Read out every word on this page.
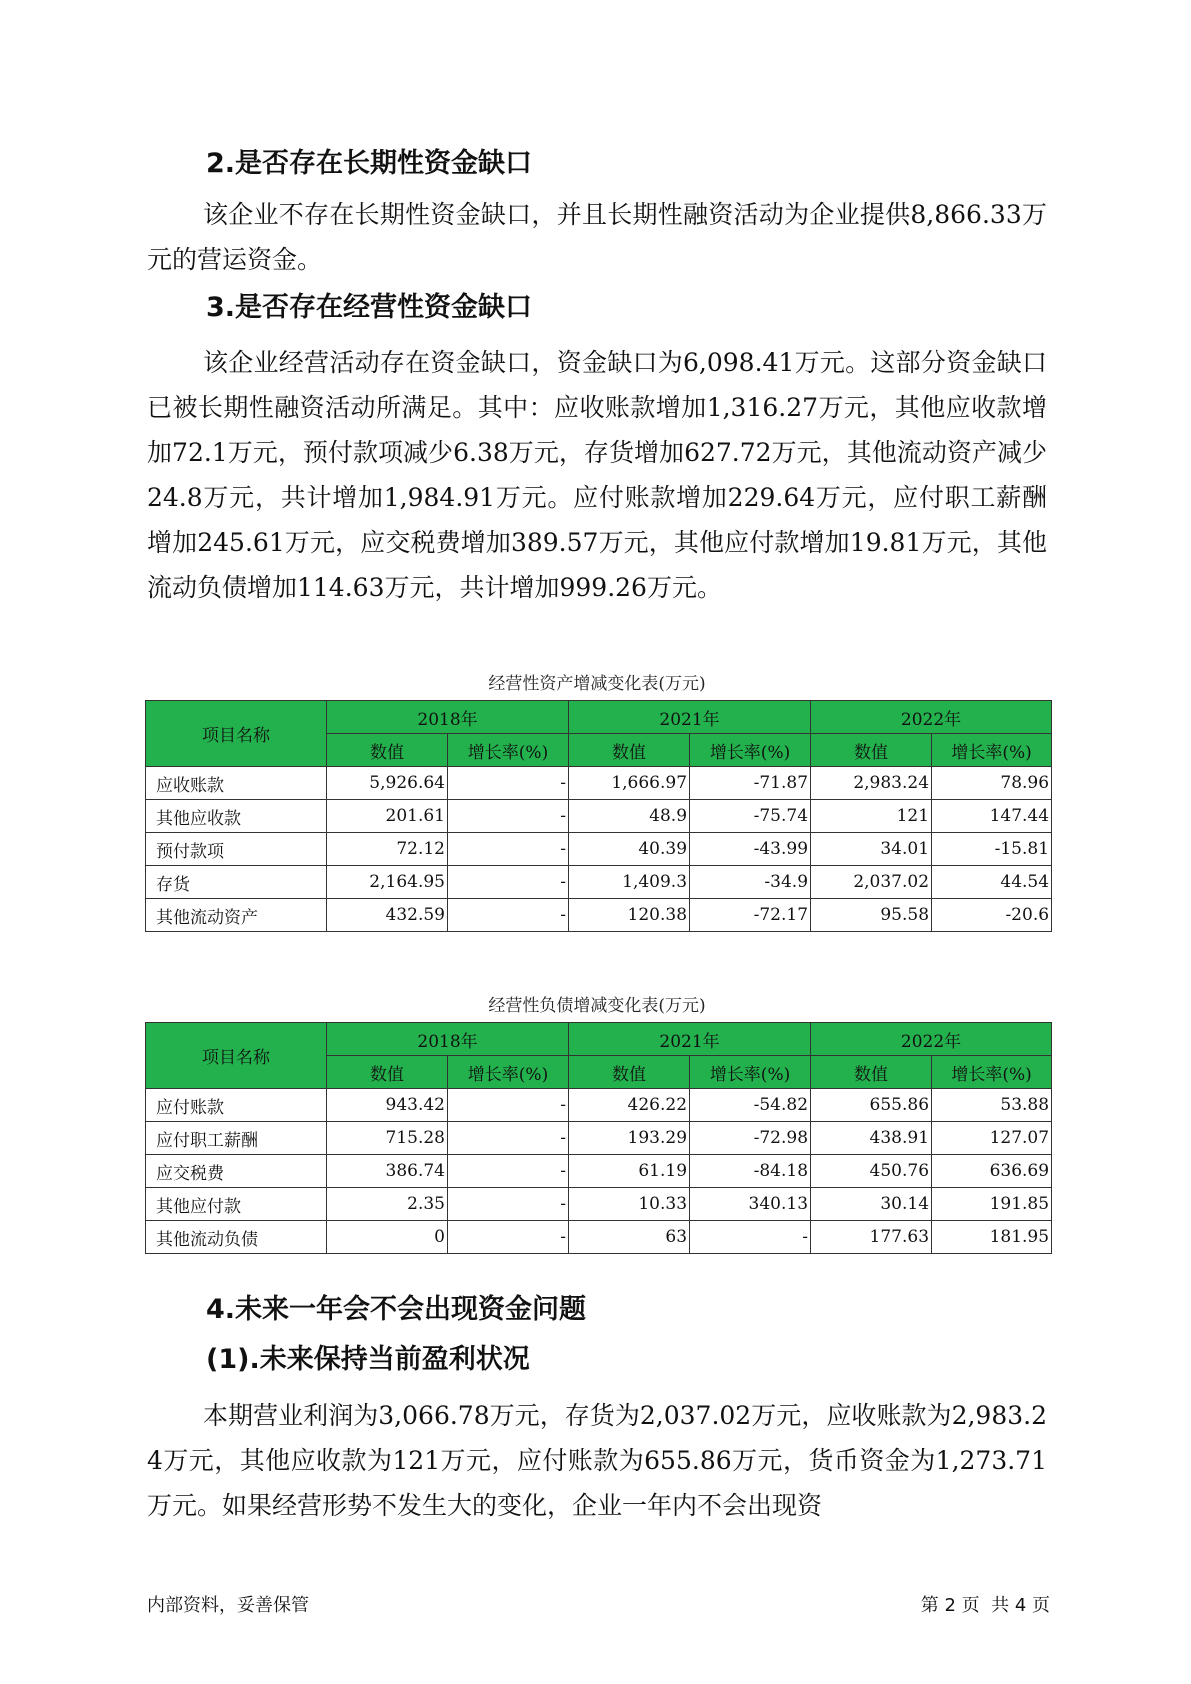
2.是否存在长期性资金缺口

该企业不存在长期性资金缺口，并且长期性融资活动为企业提供8,866.33万元的营运资金。

3.是否存在经营性资金缺口

该企业经营活动存在资金缺口，资金缺口为6,098.41万元。这部分资金缺口已被长期性融资活动所满足。其中：应收账款增加1,316.27万元，其他应收款增加72.1万元，预付款项减少6.38万元，存货增加627.72万元，其他流动资产减少24.8万元，共计增加1,984.91万元。应付账款增加229.64万元，应付职工薪酬增加245.61万元，应交税费增加389.57万元，其他应付款增加19.81万元，其他流动负债增加114.63万元，共计增加999.26万元。

经营性资产增减变化表(万元)
项目名称	2018年		2021年		2022年	
	数值	增长率(%)	数值	增长率(%)	数值	增长率(%)
应收账款	5,926.64	-	1,666.97	-71.87	2,983.24	78.96
其他应收款	201.61	-	48.9	-75.74	121	147.44
预付款项	72.12	-	40.39	-43.99	34.01	-15.81
存货	2,164.95	-	1,409.3	-34.9	2,037.02	44.54
其他流动资产	432.59	-	120.38	-72.17	95.58	-20.6
经营性负债增减变化表(万元)
项目名称	2018年		2021年		2022年	
	数值	增长率(%)	数值	增长率(%)	数值	增长率(%)
应付账款	943.42	-	426.22	-54.82	655.86	53.88
应付职工薪酬	715.28	-	193.29	-72.98	438.91	127.07
应交税费	386.74	-	61.19	-84.18	450.76	636.69
其他应付款	2.35	-	10.33	340.13	30.14	191.85
其他流动负债	0	-	63	-	177.63	181.95
4.未来一年会不会出现资金问题
(1).未来保持当前盈利状况

本期营业利润为3,066.78万元，存货为2,037.02万元，应收账款为2,983.24万元，其他应收款为121万元，应付账款为655.86万元，货币资金为1,273.71万元。如果经营形势不发生大的变化，企业一年内不会出现资

内部资料，妥善保管	第 2 页  共 4 页
